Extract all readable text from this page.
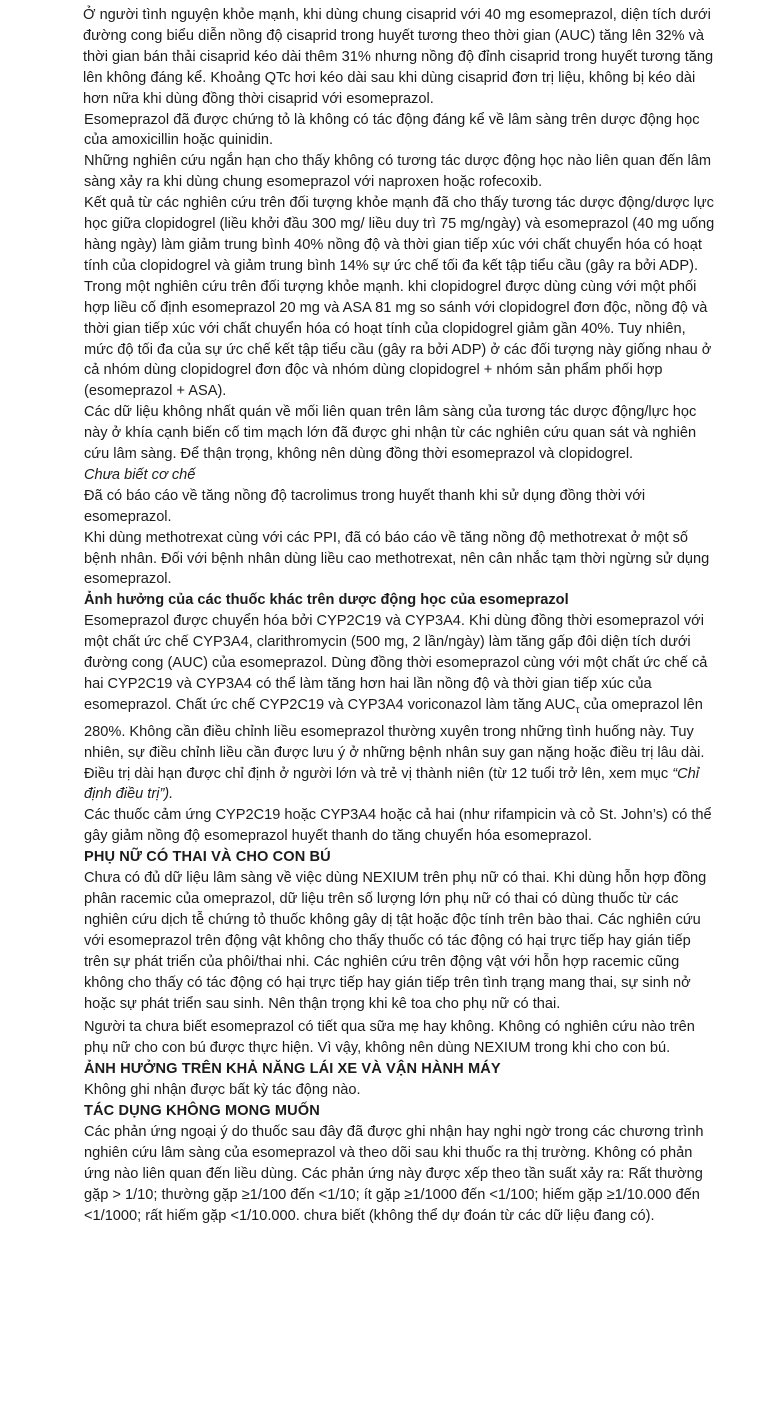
Ở người tình nguyện khỏe mạnh, khi dùng chung cisaprid với 40 mg esomeprazol, diện tích dưới đường cong biểu diễn nồng độ cisaprid trong huyết tương theo thời gian (AUC) tăng lên 32% và thời gian bán thải cisaprid kéo dài thêm 31% nhưng nồng độ đỉnh cisaprid trong huyết tương tăng lên không đáng kể. Khoảng QTc hơi kéo dài sau khi dùng cisaprid đơn trị liệu, không bị kéo dài hơn nữa khi dùng đồng thời cisaprid với esomeprazol.

Esomeprazol đã được chứng tỏ là không có tác động đáng kể về lâm sàng trên dược động học của amoxicillin hoặc quinidin.

Những nghiên cứu ngắn hạn cho thấy không có tương tác dược động học nào liên quan đến lâm sàng xảy ra khi dùng chung esomeprazol với naproxen hoặc rofecoxib.

Kết quả từ các nghiên cứu trên đối tượng khỏe mạnh đã cho thấy tương tác dược động/dược lực học giữa clopidogrel (liều khởi đầu 300 mg/ liều duy trì 75 mg/ngày) và esomeprazol (40 mg uống hàng ngày) làm giảm trung bình 40% nồng độ và thời gian tiếp xúc với chất chuyển hóa có hoạt tính của clopidogrel và giảm trung bình 14% sự ức chế tối đa kết tập tiểu cầu (gây ra bởi ADP).

Trong một nghiên cứu trên đối tượng khỏe mạnh. khi clopidogrel được dùng cùng với một phối hợp liều cố định esomeprazol 20 mg và ASA 81 mg so sánh với clopidogrel đơn độc, nồng độ và thời gian tiếp xúc với chất chuyển hóa có hoạt tính của clopidogrel giảm gần 40%. Tuy nhiên, mức độ tối đa của sự ức chế kết tập tiểu cầu (gây ra bởi ADP) ở các đối tượng này giống nhau ở cả nhóm dùng clopidogrel đơn độc và nhóm dùng clopidogrel + nhóm sản phẩm phối hợp (esomeprazol + ASA).

Các dữ liệu không nhất quán về mối liên quan trên lâm sàng của tương tác dược động/lực học này ở khía cạnh biến cố tim mạch lớn đã được ghi nhận từ các nghiên cứu quan sát và nghiên cứu lâm sàng. Để thận trọng, không nên dùng đồng thời esomeprazol và clopidogrel.

Chưa biết cơ chế

Đã có báo cáo về tăng nồng độ tacrolimus trong huyết thanh khi sử dụng đồng thời với esomeprazol.

Khi dùng methotrexat cùng với các PPI, đã có báo cáo về tăng nồng độ methotrexat ở một số bệnh nhân. Đối với bệnh nhân dùng liều cao methotrexat, nên cân nhắc tạm thời ngừng sử dụng esomeprazol.

Ảnh hưởng của các thuốc khác trên dược động học của esomeprazol

Esomeprazol được chuyển hóa bởi CYP2C19 và CYP3A4. Khi dùng đồng thời esomeprazol với một chất ức chế CYP3A4, clarithromycin (500 mg, 2 lần/ngày) làm tăng gấp đôi diện tích dưới đường cong (AUC) của esomeprazol. Dùng đồng thời esomeprazol cùng với một chất ức chế cả hai CYP2C19 và CYP3A4 có thể làm tăng hơn hai lần nồng độ và thời gian tiếp xúc của esomeprazol. Chất ức chế CYP2C19 và CYP3A4 voriconazol làm tăng $AUC_\tau$ của omeprazol lên 280%. Không cần điều chỉnh liều esomeprazol thường xuyên trong những tình huống này. Tuy nhiên, sự điều chỉnh liều cần được lưu ý ở những bệnh nhân suy gan nặng hoặc điều trị lâu dài. Điều trị dài hạn được chỉ định ở người lớn và trẻ vị thành niên (từ 12 tuổi trở lên, xem mục “Chỉ định điều trị”).

Các thuốc cảm ứng CYP2C19 hoặc CYP3A4 hoặc cả hai (như rifampicin và cỏ St. John’s) có thể gây giảm nồng độ esomeprazol huyết thanh do tăng chuyển hóa esomeprazol.

PHỤ NỮ CÓ THAI VÀ CHO CON BÚ

Chưa có đủ dữ liệu lâm sàng về việc dùng NEXIUM trên phụ nữ có thai. Khi dùng hỗn hợp đồng phân racemic của omeprazol, dữ liệu trên số lượng lớn phụ nữ có thai có dùng thuốc từ các nghiên cứu dịch tễ chứng tỏ thuốc không gây dị tật hoặc độc tính trên bào thai. Các nghiên cứu với esomeprazol trên động vật không cho thấy thuốc có tác động có hại trực tiếp hay gián tiếp trên sự phát triển của phôi/thai nhi. Các nghiên cứu trên động vật với hỗn hợp racemic cũng không cho thấy có tác động có hại trực tiếp hay gián tiếp trên tình trạng mang thai, sự sinh nở hoặc sự phát triển sau sinh. Nên thận trọng khi kê toa cho phụ nữ có thai.

Người ta chưa biết esomeprazol có tiết qua sữa mẹ hay không. Không có nghiên cứu nào trên phụ nữ cho con bú được thực hiện. Vì vậy, không nên dùng NEXIUM trong khi cho con bú.

ẢNH HƯỞNG TRÊN KHẢ NĂNG LÁI XE VÀ VẬN HÀNH MÁY

Không ghi nhận được bất kỳ tác động nào.

TÁC DỤNG KHÔNG MONG MUỐN

Các phản ứng ngoại ý do thuốc sau đây đã được ghi nhận hay nghi ngờ trong các chương trình nghiên cứu lâm sàng của esomeprazol và theo dõi sau khi thuốc ra thị trường. Không có phản ứng nào liên quan đến liều dùng. Các phản ứng này được xếp theo tần suất xảy ra: Rất thường gặp > 1/10; thường gặp ≥1/100 đến <1/10; ít gặp ≥1/1000 đến <1/100; hiếm gặp ≥1/10.000 đến <1/1000; rất hiếm gặp <1/10.000. chưa biết (không thể dự đoán từ các dữ liệu đang có).
